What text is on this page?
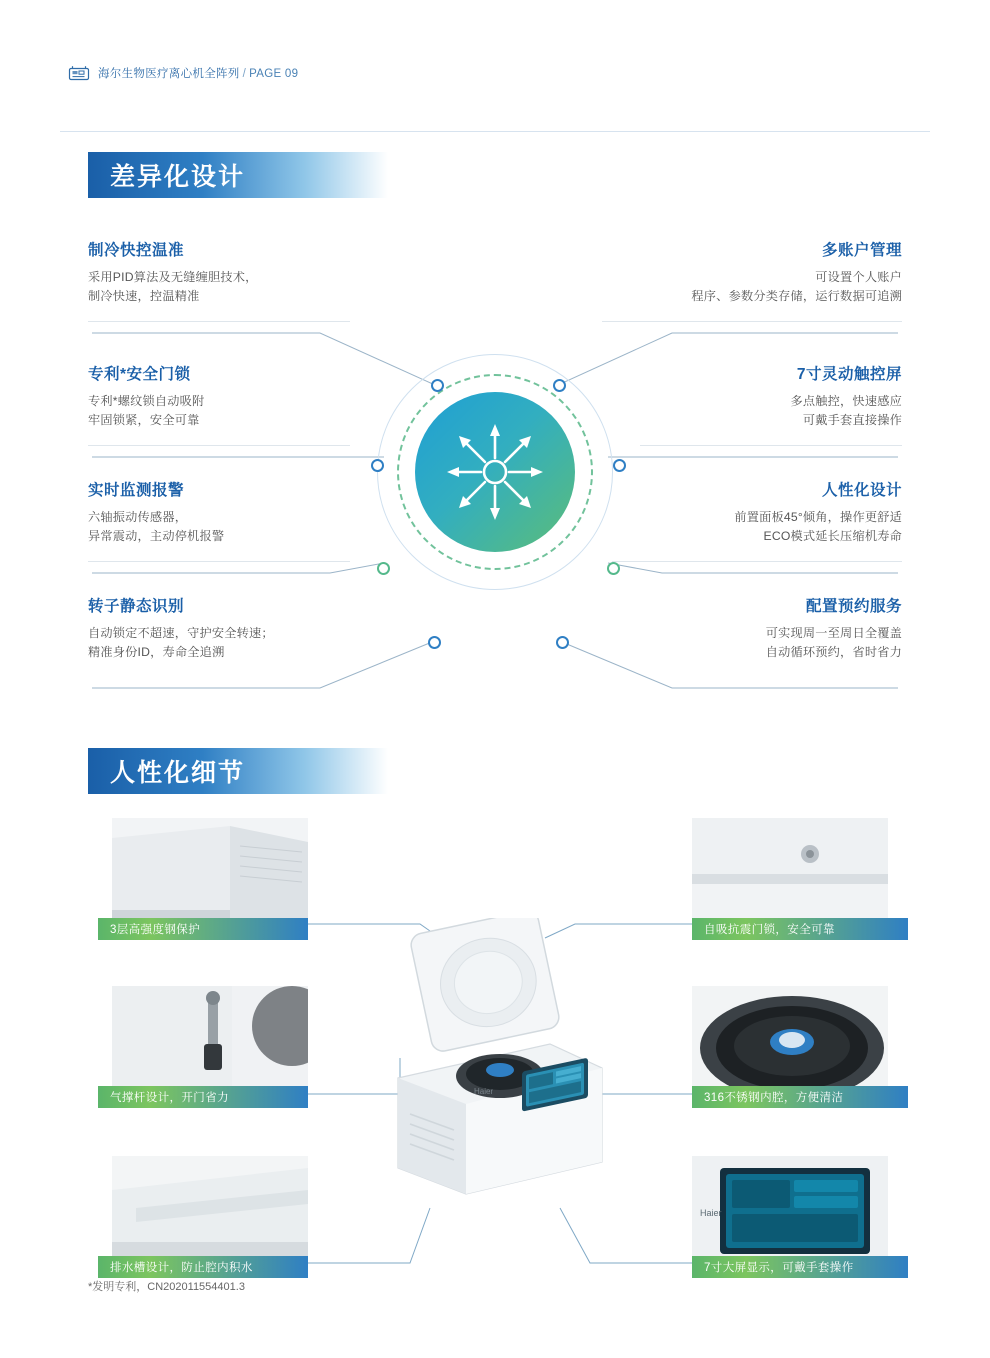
海尔生物医疗离心机全阵列 / PAGE 09
差异化设计
制冷快控温准
采用PID算法及无缝缠胆技术，
制冷快速，控温精准
专利*安全门锁
专利*螺纹锁自动吸附
牢固锁紧，安全可靠
实时监测报警
六轴振动传感器，
异常震动，主动停机报警
转子静态识别
自动锁定不超速，守护安全转速；
精准身份ID，寿命全追溯
多账户管理
可设置个人账户
程序、参数分类存储，运行数据可追溯
7寸灵动触控屏
多点触控，快速感应
可戴手套直接操作
人性化设计
前置面板45°倾角，操作更舒适
ECO模式延长压缩机寿命
配置预约服务
可实现周一至周日全覆盖
自动循环预约，省时省力
人性化细节
3层高强度钢保护
气撑杆设计，开门省力
排水槽设计，防止腔内积水
自吸抗震门锁，安全可靠
316不锈钢内腔，方便清洁
Haier
7寸大屏显示，可戴手套操作
Haier
*发明专利，CN202011554401.3
